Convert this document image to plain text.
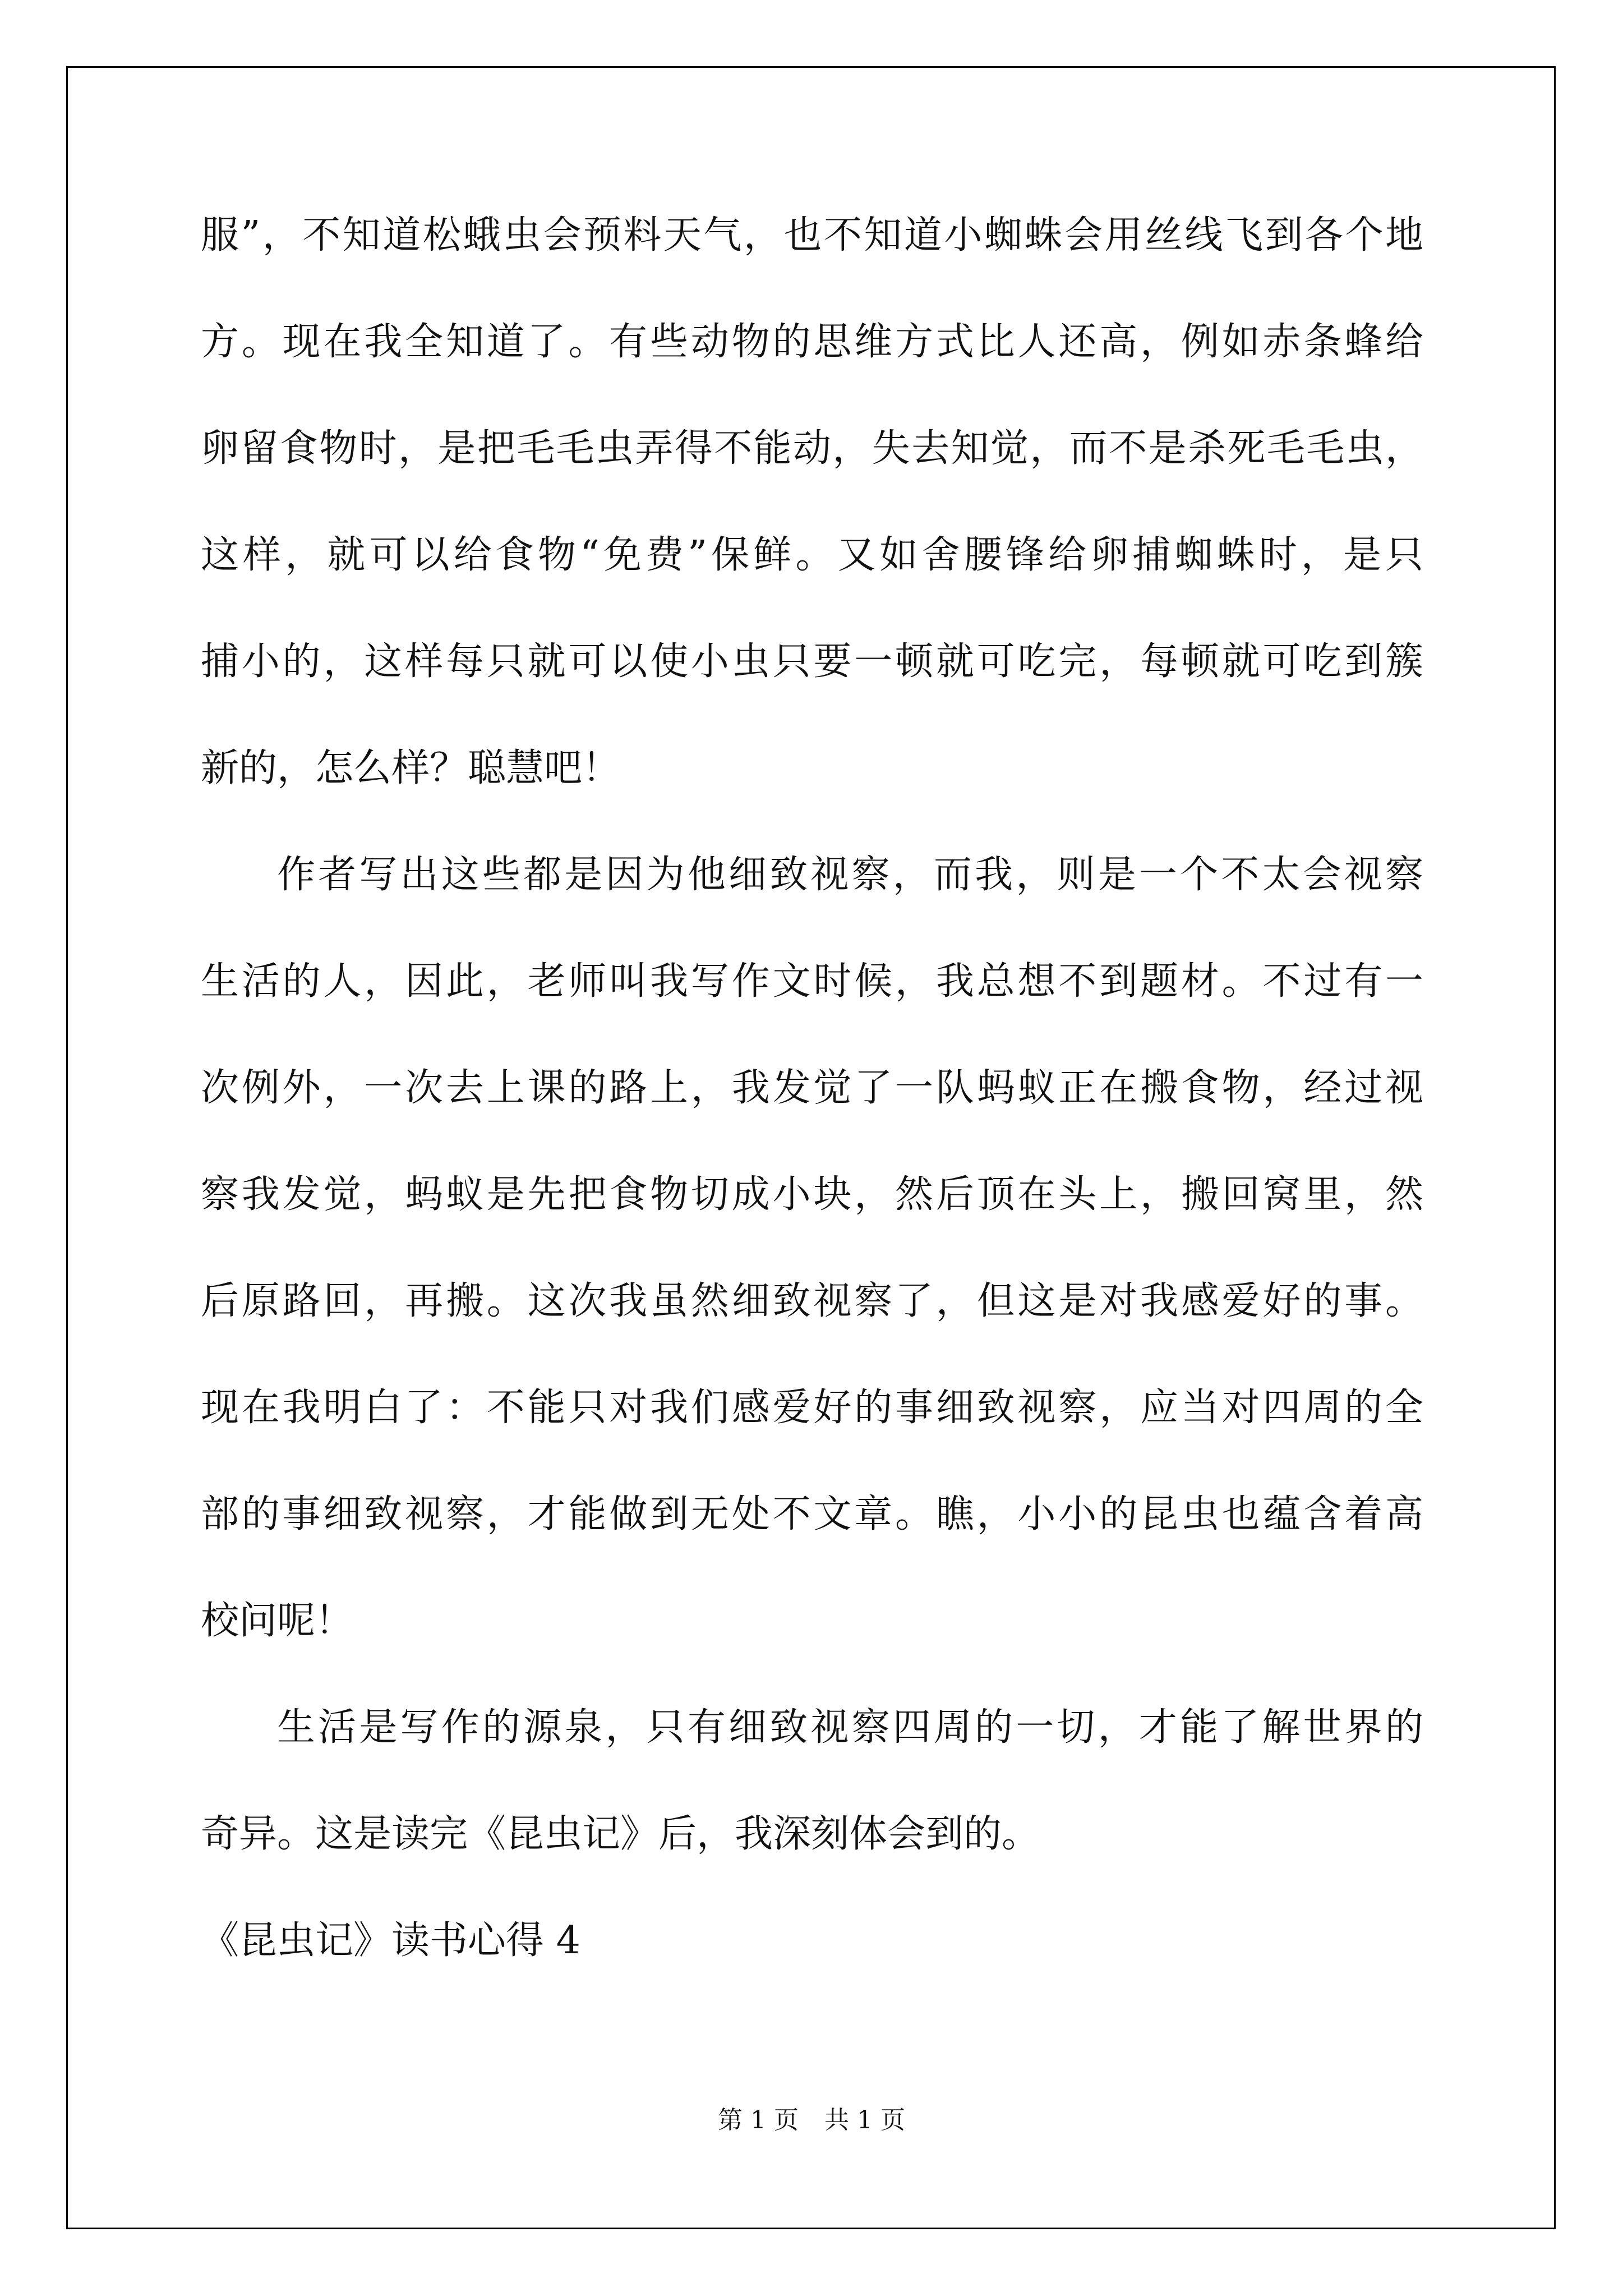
服”，不知道松蛾虫会预料天气，也不知道小蜘蛛会用丝线飞到各个地
方。现在我全知道了。有些动物的思维方式比人还高，例如赤条蜂给
卵留食物时，是把毛毛虫弄得不能动，失去知觉，而不是杀死毛毛虫，
这样，就可以给食物“免费”保鲜。又如舍腰锋给卵捕蜘蛛时，是只
捕小的，这样每只就可以使小虫只要一顿就可吃完，每顿就可吃到簇
新的，怎么样？聪慧吧！
作者写出这些都是因为他细致视察，而我，则是一个不太会视察
生活的人，因此，老师叫我写作文时候，我总想不到题材。不过有一
次例外，一次去上课的路上，我发觉了一队蚂蚁正在搬食物，经过视
察我发觉，蚂蚁是先把食物切成小块，然后顶在头上，搬回窝里，然
后原路回，再搬。这次我虽然细致视察了，但这是对我感爱好的事。
现在我明白了：不能只对我们感爱好的事细致视察，应当对四周的全
部的事细致视察，才能做到无处不文章。瞧，小小的昆虫也蕴含着高
校问呢！
生活是写作的源泉，只有细致视察四周的一切，才能了解世界的
奇异。这是读完《昆虫记》后，我深刻体会到的。
《昆虫记》读书心得 4
第 1 页 共 1 页
